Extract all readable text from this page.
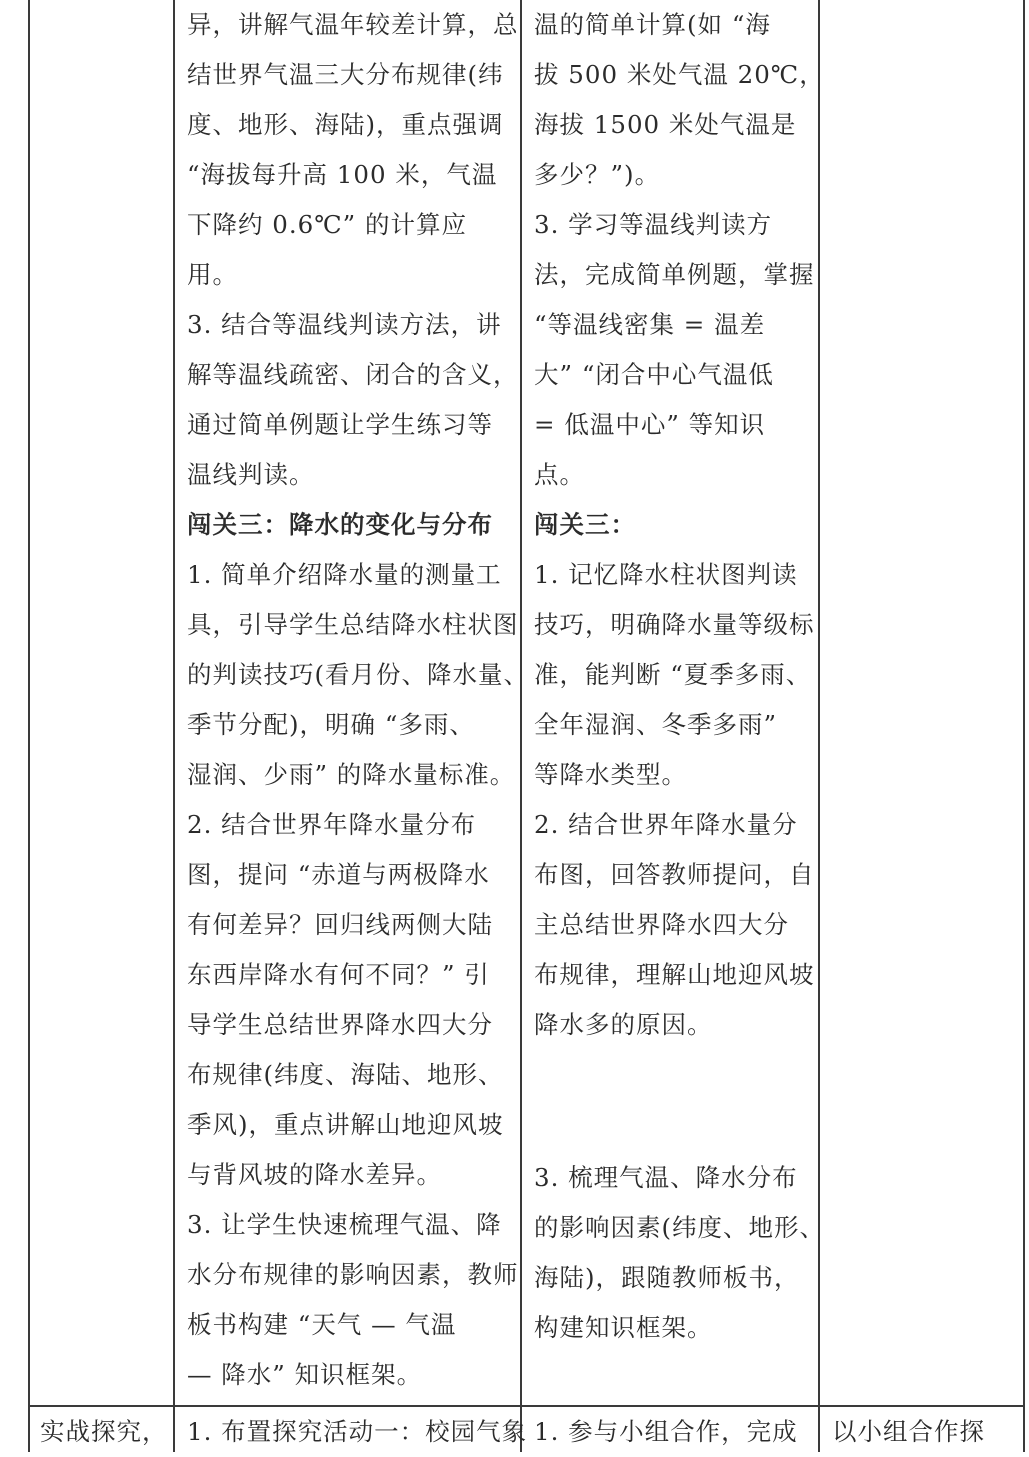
异，讲解气温年较差计算，总
结世界气温三大分布规律(纬
度、地形、海陆)，重点强调
“海拔每升高 100 米，气温
下降约 0.6℃” 的计算应
用。
3. 结合等温线判读方法，讲
解等温线疏密、闭合的含义，
通过简单例题让学生练习等
温线判读。
闯关三：降水的变化与分布
1. 简单介绍降水量的测量工
具，引导学生总结降水柱状图
的判读技巧(看月份、降水量、
季节分配)，明确 “多雨、
湿润、少雨” 的降水量标准。
2. 结合世界年降水量分布
图，提问 “赤道与两极降水
有何差异？回归线两侧大陆
东西岸降水有何不同？” 引
导学生总结世界降水四大分
布规律(纬度、海陆、地形、
季风)，重点讲解山地迎风坡
与背风坡的降水差异。
3. 让学生快速梳理气温、降
水分布规律的影响因素，教师
板书构建 “天气 — 气温
— 降水” 知识框架。
温的简单计算(如 “海
拔 500 米处气温 20℃，
海拔 1500 米处气温是
多少？”)。
3. 学习等温线判读方
法，完成简单例题，掌握
“等温线密集 = 温差
大” “闭合中心气温低
= 低温中心” 等知识
点。
闯关三：
1. 记忆降水柱状图判读
技巧，明确降水量等级标
准，能判断 “夏季多雨、
全年湿润、冬季多雨”
等降水类型。
2. 结合世界年降水量分
布图，回答教师提问，自
主总结世界降水四大分
布规律，理解山地迎风坡
降水多的原因。
3. 梳理气温、降水分布
的影响因素(纬度、地形、
海陆)，跟随教师板书，
构建知识框架。
实战探究， 1. 布置探究活动一：校园气象 1. 参与小组合作，完成 以小组合作探
